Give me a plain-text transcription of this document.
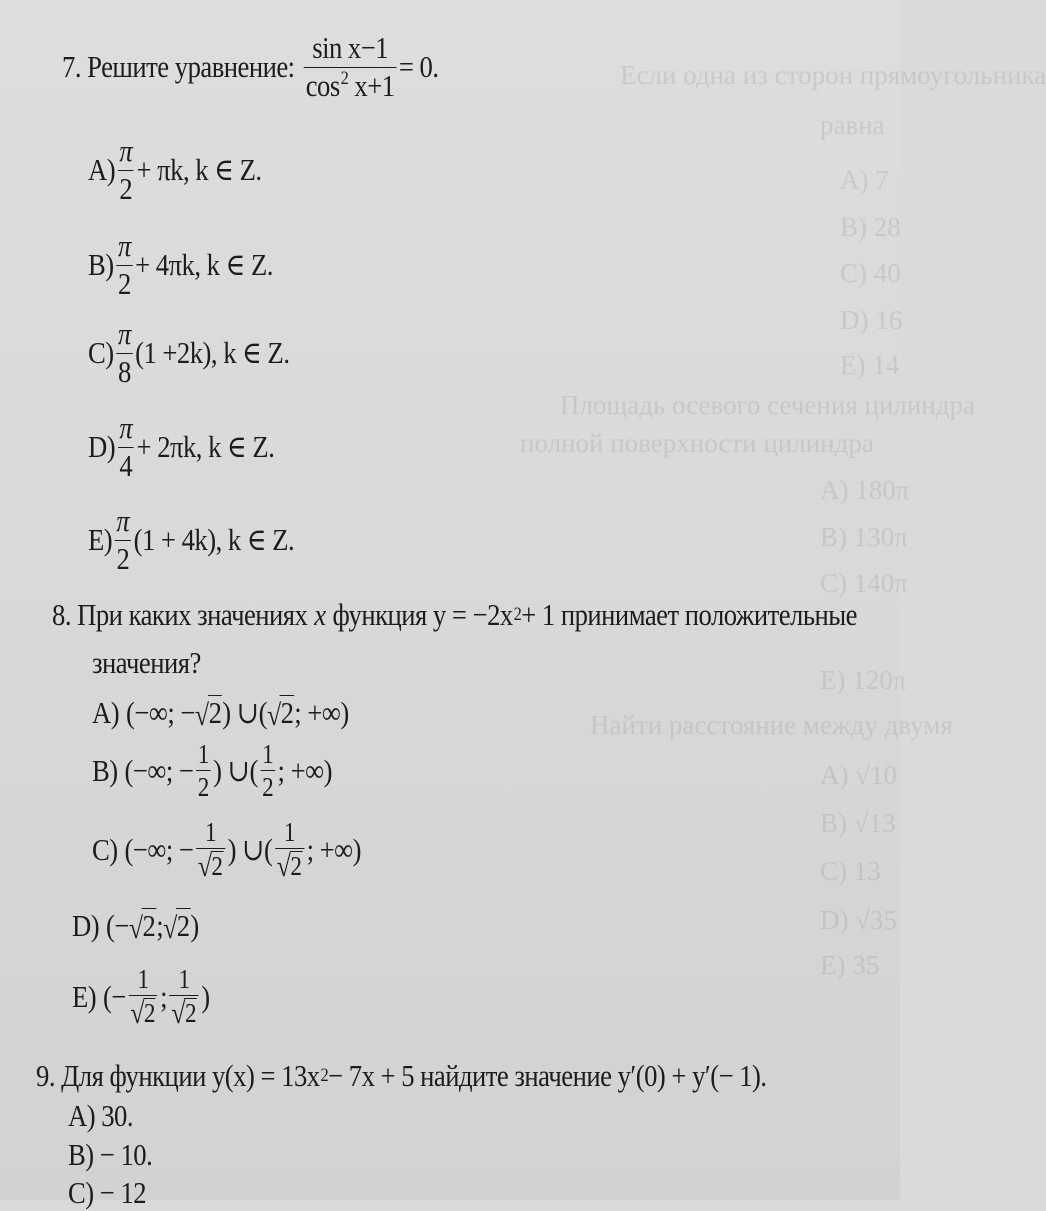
Если одна из сторон прямоугольника
равна
A) 7
B) 28
C) 40
D) 16
E) 14
Площадь осевого сечения цилиндра
полной поверхности цилиндра
A) 180π
B) 130π
C) 140π
E) 120π
Найти расстояние между двумя
A) √10
B) √13
C) 13
D) √35
E) 35
7. Решите уравнение: $\frac{\text{sin x−1}}{\cos^2 x+1} = 0$.
$A) \frac{\pi}{2} + \pi k$, k ∈ Z.
$B) \frac{\pi}{2} + 4\pi k$, k ∈ Z.
$C) \frac{\pi}{8} (1 +2k)$, k ∈ Z.
$D) \frac{\pi}{4} + 2\pi k$, k ∈ Z.
$E) \frac{\pi}{2} (1 + 4k)$, k ∈ Z.
8. При каких значениях x функция y = −2x 2 + 1 принимает положительные
значения?
A) (−∞; − √ 2 ) ∪( √ 2 ; +∞)
B) (−∞; − $\frac{1}{2}$ ) ∪( $\frac{1}{2}$ ; +∞)
C) (−∞; − $\frac{1}{√ 2}$ ) ∪( $\frac{1}{√ 2}$ ; +∞)
D) (− √ 2 ; √ 2 )
E) (− $\frac{1}{√ 2}$ ; $\frac{1}{√ 2}$ )
9. Для функции y(x) = 13x 2 − 7x + 5 найдите значение y′(0) + y′(− 1).
A) 30.
B) − 10.
C) − 12
